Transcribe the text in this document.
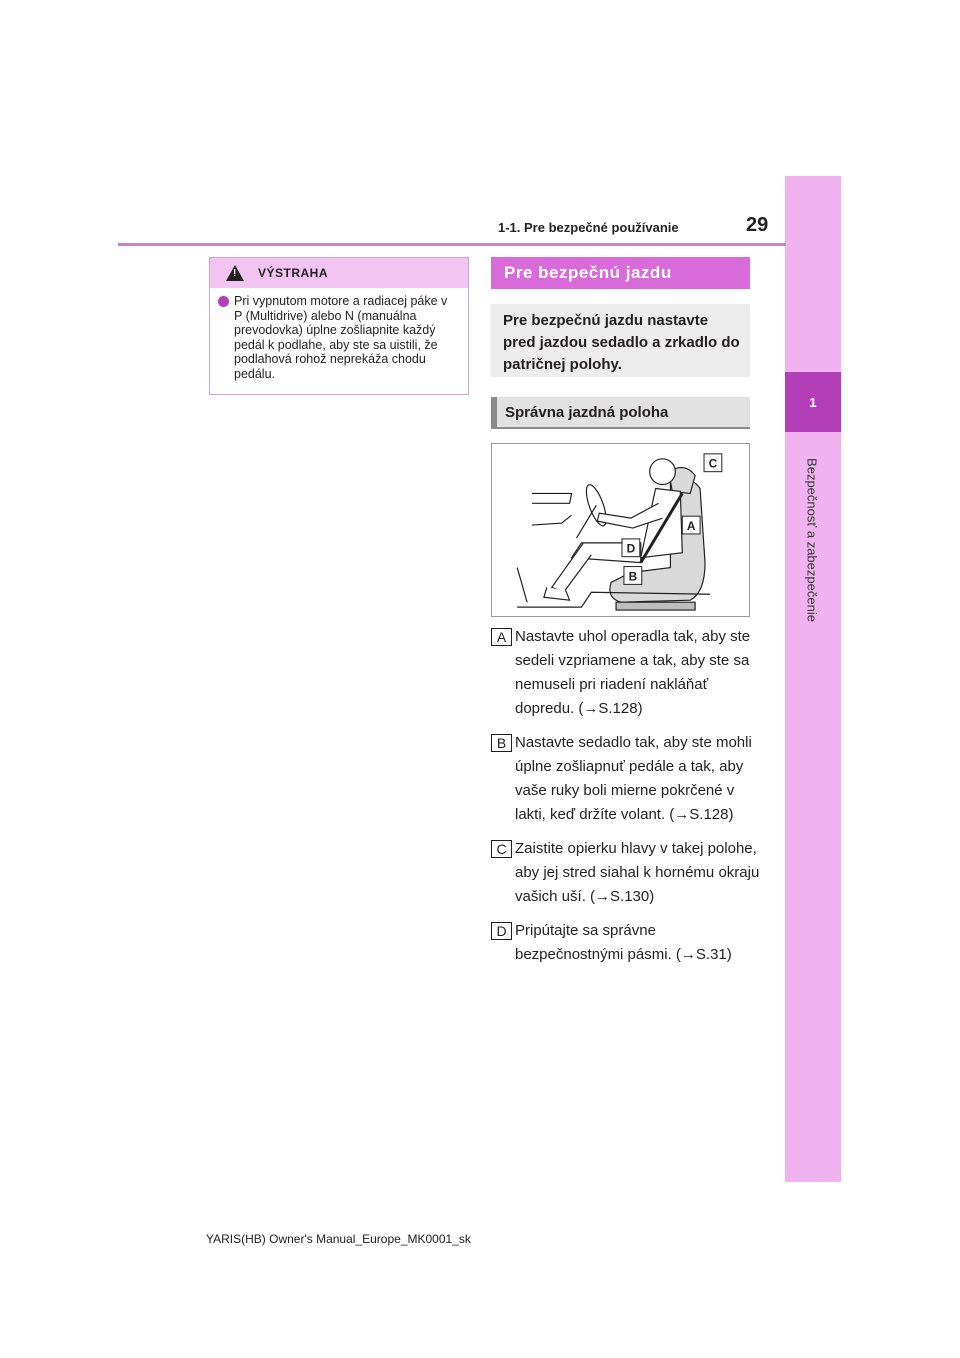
1
Bezpečnosť a zabezpečenie
29
1-1. Pre bezpečné používanie
!
VÝSTRAHA
Pri vypnutom motore a radiacej páke v P (Multidrive) alebo N (manuálna prevodovka) úplne zošliapnite každý pedál k podlahe, aby ste sa uistili, že podlahová rohož neprekáža chodu pedálu.
Pre bezpečnú jazdu
Pre bezpečnú jazdu nastavte pred jazdou sedadlo a zrkadlo do patričnej polohy.
Správna jazdná poloha
C
A
D
B
A Nastavte uhol operadla tak, aby ste sedeli vzpriamene a tak, aby ste sa nemuseli pri riadení nakláňať dopredu. (→S.128)
B Nastavte sedadlo tak, aby ste mohli úplne zošliapnuť pedále a tak, aby vaše ruky boli mierne pokrčené v lakti, keď držíte volant. (→S.128)
C Zaistite opierku hlavy v takej polohe, aby jej stred siahal k hornému okraju vašich uší. (→S.130)
D Pripútajte sa správne bezpečnostnými pásmi. (→S.31)
YARIS(HB) Owner's Manual_Europe_MK0001_sk
